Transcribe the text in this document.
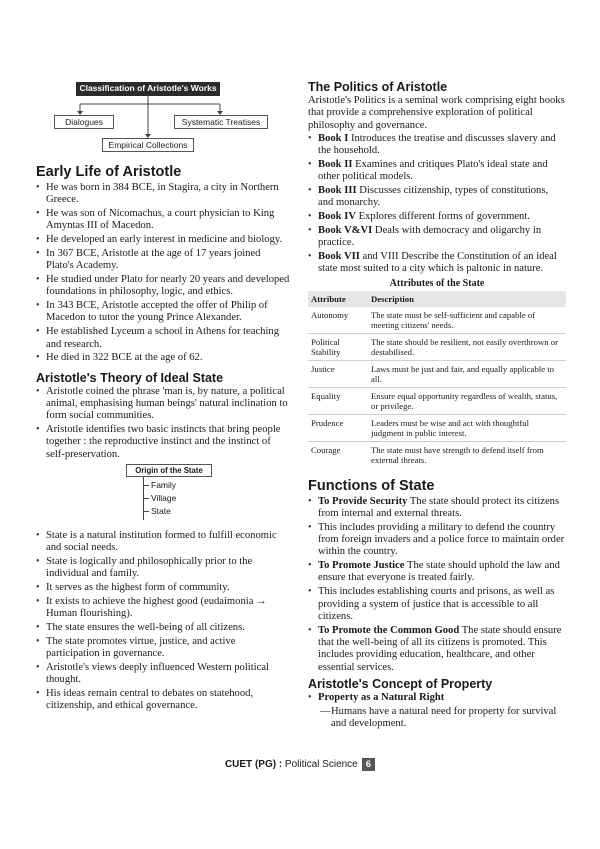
Classification of Aristotle's Works
Dialogues	Systematic Treatises
Empirical Collections
Early Life of Aristotle
• He was born in 384 BCE, in Stagira, a city in Northern Greece.
• He was son of Nicomachus, a court physician to King Amyntas III of Macedon.
• He developed an early interest in medicine and biology.
• In 367 BCE, Aristotle at the age of 17 years joined Plato's Academy.
• He studied under Plato for nearly 20 years and developed foundations in philosophy, logic, and ethics.
• In 343 BCE, Aristotle accepted the offer of Philip of Macedon to tutor the young Prince Alexander.
• He established Lyceum a school in Athens for teaching and research.
• He died in 322 BCE at the age of 62.
Aristotle's Theory of Ideal State
• Aristotle coined the phrase 'man is, by nature, a political animal, emphasising human beings' natural inclination to form social communities.
• Aristotle identifies two basic instincts that bring people together : the reproductive instinct and the instinct of self-preservation.
Origin of the State
Family
Village
State
• State is a natural institution formed to fulfill economic and social needs.
• State is logically and philosophically prior to the individual and family.
• It serves as the highest form of community.
• It exists to achieve the highest good (eudaimonia → Human flourishing).
• The state ensures the well-being of all citizens.
• The state promotes virtue, justice, and active participation in governance.
• Aristotle's views deeply influenced Western political thought.
• His ideas remain central to debates on statehood, citizenship, and ethical governance.
The Politics of Aristotle

Aristotle's Politics is a seminal work comprising eight books that provide a comprehensive exploration of political philosophy and governance.

• Book I Introduces the treatise and discusses slavery and the household.
• Book II Examines and critiques Plato's ideal state and other political models.
• Book III Discusses citizenship, types of constitutions, and monarchy.
• Book IV Explores different forms of government.
• Book V&VI Deals with democracy and oligarchy in practice.
• Book VII and VIII Describe the Constitution of an ideal state most suited to a city which is paltonic in nature.
Attributes of the State
Attribute	Description
Autonomy	The state must be self-sufficient and capable of meeting citizens' needs.
Political Stability	The state should be resilient, not easily overthrown or destabilised.
Justice	Laws must be just and fair, and equally applicable to all.
Equality	Ensure equal opportunity regardless of wealth, status, or privilege.
Prudence	Leaders must be wise and act with thoughtful judgment in public interest.
Courage	The state must have strength to defend itself from external threats.
Functions of State
• To Provide Security The state should protect its citizens from internal and external threats.
• This includes providing a military to defend the country from foreign invaders and a police force to maintain order within the country.
• To Promote Justice The state should uphold the law and ensure that everyone is treated fairly.
• This includes establishing courts and prisons, as well as providing a system of justice that is accessible to all citizens.
• To Promote the Common Good The state should ensure that the well-being of all its citizens is promoted. This includes providing education, healthcare, and other essential services.
Aristotle's Concept of Property
• Property as a Natural Right
— Humans have a natural need for property for survival and development.
CUET (PG) : Political Science 6
